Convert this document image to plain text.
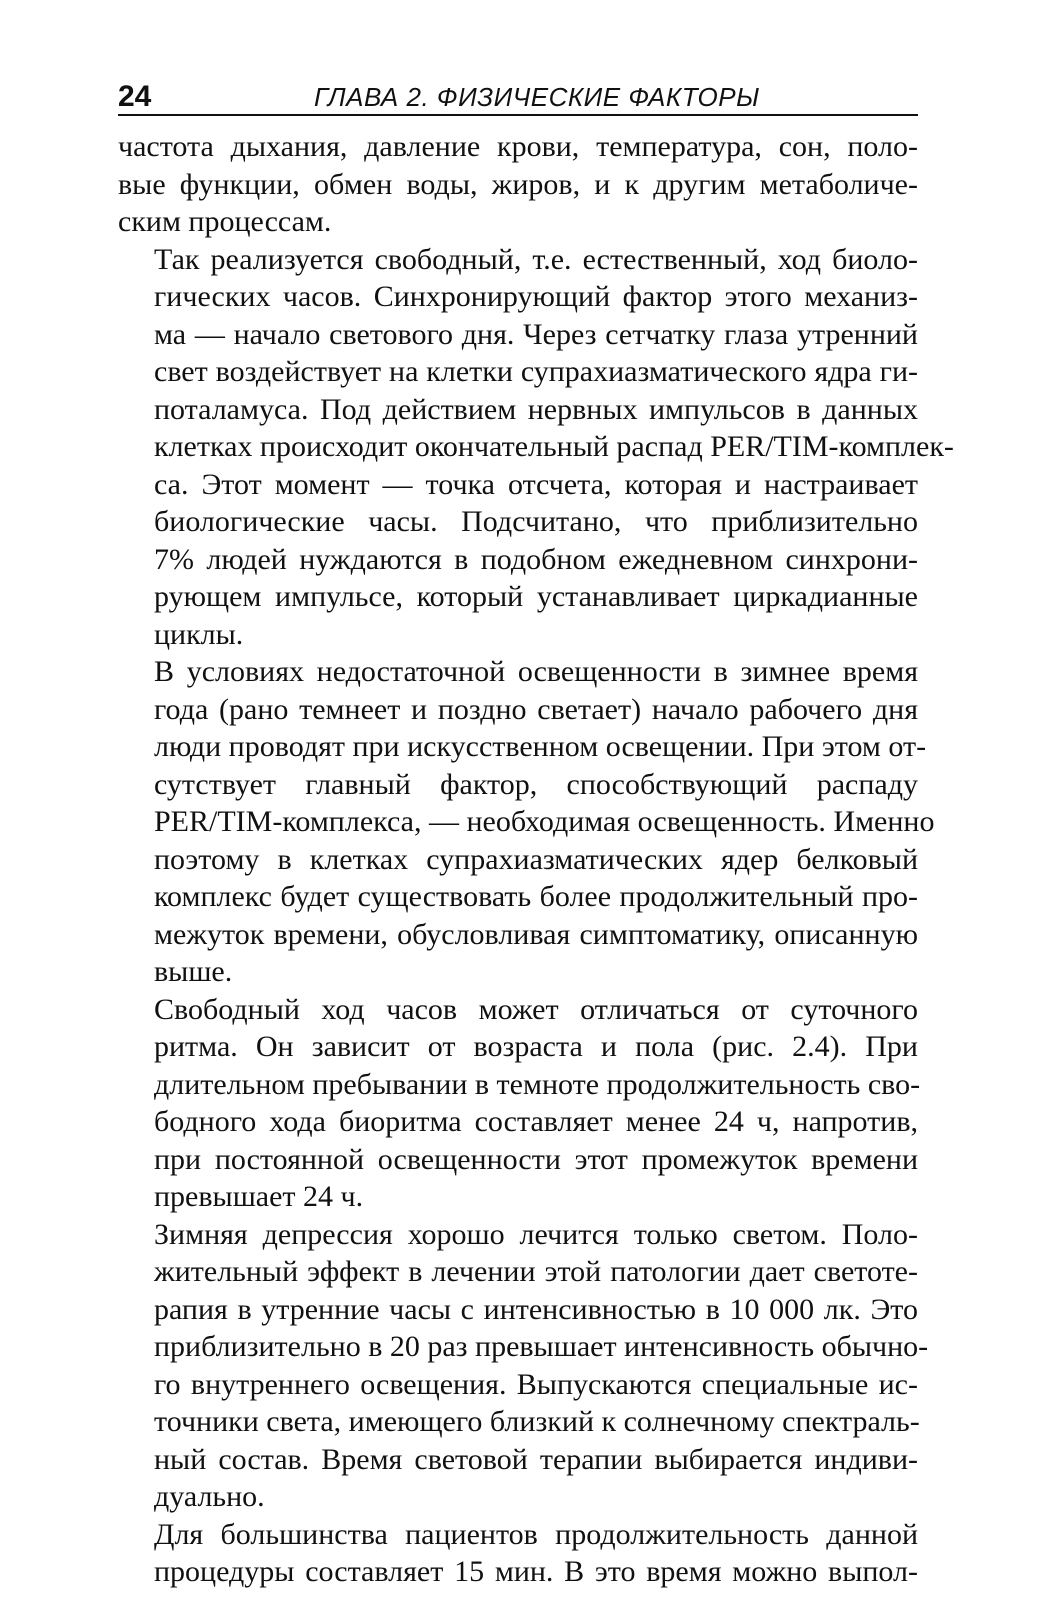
24	ГЛАВА 2. ФИЗИЧЕСКИЕ ФАКТОРЫ

частота дыхания, давление крови, температура, сон, поло-
вые функции, обмен воды, жиров, и к другим метаболиче-
ским процессам.

Так реализуется свободный, т.е. естественный, ход биоло-
гических часов. Синхронирующий фактор этого механиз-
ма — начало светового дня. Через сетчатку глаза утренний
свет воздействует на клетки супрахиазматического ядра ги-
поталамуса. Под действием нервных импульсов в данных
клетках происходит окончательный распад PER/TIM-комплек-
са. Этот момент — точка отсчета, которая и настраивает
биологические часы. Подсчитано, что приблизительно
7% людей нуждаются в подобном ежедневном синхрони-
рующем импульсе, который устанавливает циркадианные
циклы.

В условиях недостаточной освещенности в зимнее время
года (рано темнеет и поздно светает) начало рабочего дня
люди проводят при искусственном освещении. При этом от-
сутствует главный фактор, способствующий распаду
PER/TIM-комплекса, — необходимая освещенность. Именно
поэтому в клетках супрахиазматических ядер белковый
комплекс будет существовать более продолжительный про-
межуток времени, обусловливая симптоматику, описанную
выше.

Свободный ход часов может отличаться от суточного
ритма. Он зависит от возраста и пола (рис. 2.4). При
длительном пребывании в темноте продолжительность сво-
бодного хода биоритма составляет менее 24 ч, напротив,
при постоянной освещенности этот промежуток времени
превышает 24 ч.

Зимняя депрессия хорошо лечится только светом. Поло-
жительный эффект в лечении этой патологии дает светоте-
рапия в утренние часы с интенсивностью в 10 000 лк. Это
приблизительно в 20 раз превышает интенсивность обычно-
го внутреннего освещения. Выпускаются специальные ис-
точники света, имеющего близкий к солнечному спектраль-
ный состав. Время световой терапии выбирается индиви-
дуально.

Для большинства пациентов продолжительность данной
процедуры составляет 15 мин. В это время можно выпол-
